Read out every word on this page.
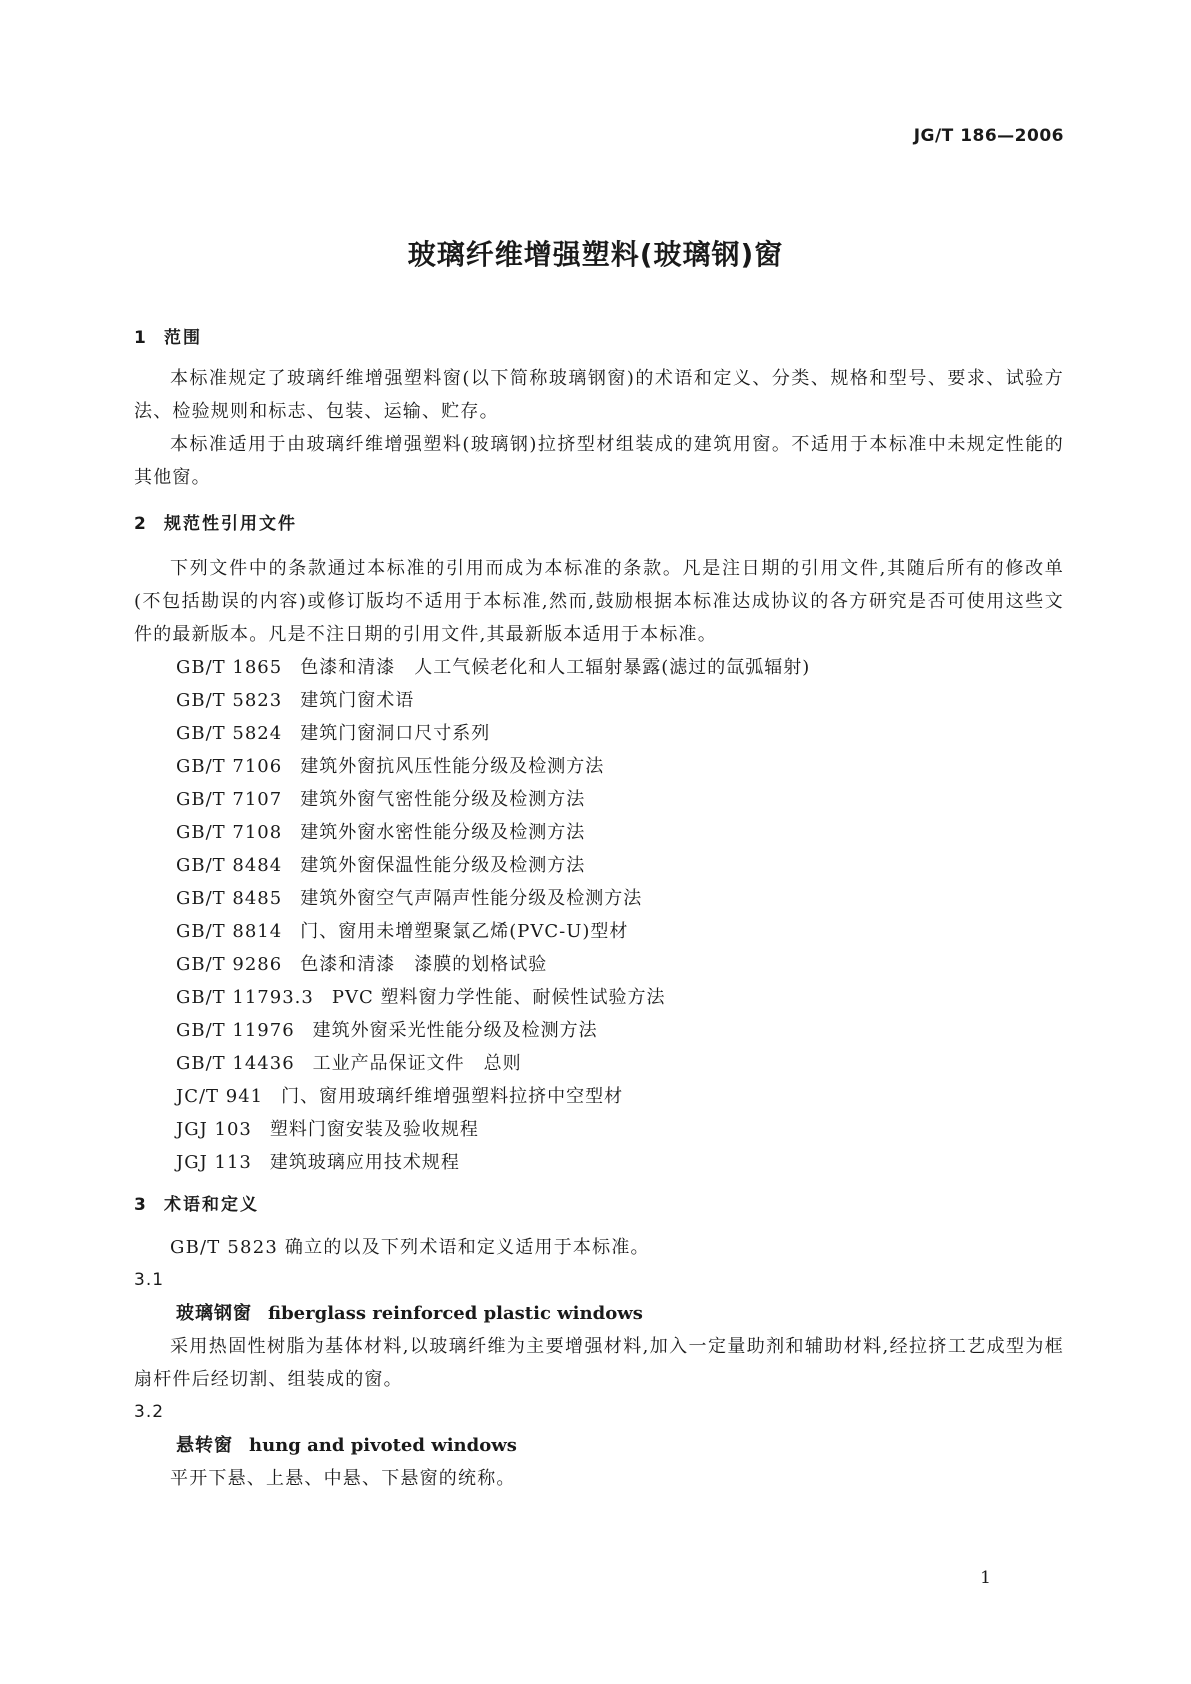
JG/T 186—2006
玻璃纤维增强塑料(玻璃钢)窗
1 范围

本标准规定了玻璃纤维增强塑料窗(以下简称玻璃钢窗)的术语和定义、分类、规格和型号、要求、试验方法、检验规则和标志、包装、运输、贮存。

本标准适用于由玻璃纤维增强塑料(玻璃钢)拉挤型材组装成的建筑用窗。不适用于本标准中未规定性能的其他窗。

2 规范性引用文件

下列文件中的条款通过本标准的引用而成为本标准的条款。凡是注日期的引用文件,其随后所有的修改单(不包括勘误的内容)或修订版均不适用于本标准,然而,鼓励根据本标准达成协议的各方研究是否可使用这些文件的最新版本。凡是不注日期的引用文件,其最新版本适用于本标准。

GB/T 1865 色漆和清漆　人工气候老化和人工辐射暴露(滤过的氙弧辐射)
GB/T 5823 建筑门窗术语
GB/T 5824 建筑门窗洞口尺寸系列
GB/T 7106 建筑外窗抗风压性能分级及检测方法
GB/T 7107 建筑外窗气密性能分级及检测方法
GB/T 7108 建筑外窗水密性能分级及检测方法
GB/T 8484 建筑外窗保温性能分级及检测方法
GB/T 8485 建筑外窗空气声隔声性能分级及检测方法
GB/T 8814 门、窗用未增塑聚氯乙烯(PVC-U)型材
GB/T 9286 色漆和清漆　漆膜的划格试验
GB/T 11793.3 PVC 塑料窗力学性能、耐候性试验方法
GB/T 11976 建筑外窗采光性能分级及检测方法
GB/T 14436 工业产品保证文件　总则
JC/T 941 门、窗用玻璃纤维增强塑料拉挤中空型材
JGJ 103 塑料门窗安装及验收规程
JGJ 113 建筑玻璃应用技术规程
3 术语和定义

GB/T 5823 确立的以及下列术语和定义适用于本标准。

3.1
玻璃钢窗 fiberglass reinforced plastic windows

采用热固性树脂为基体材料,以玻璃纤维为主要增强材料,加入一定量助剂和辅助材料,经拉挤工艺成型为框扇杆件后经切割、组装成的窗。

3.2
悬转窗 hung and pivoted windows

平开下悬、上悬、中悬、下悬窗的统称。

1
